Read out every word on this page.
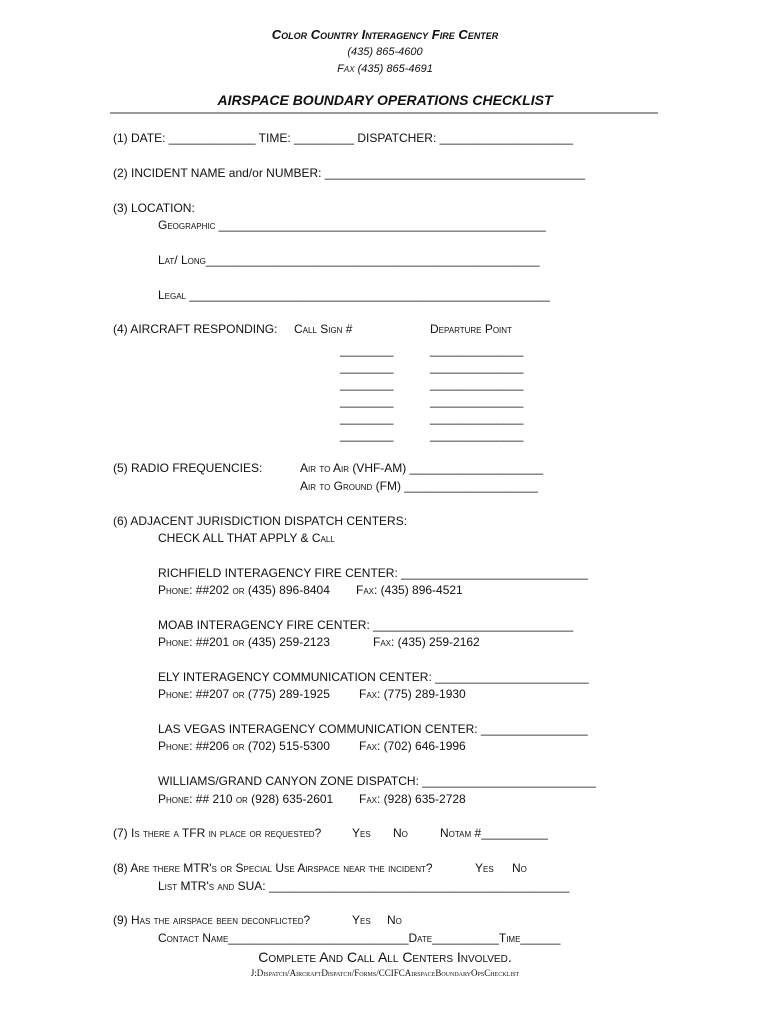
Color Country Interagency Fire Center
(435) 865-4600
Fax (435) 865-4691
AIRSPACE BOUNDARY OPERATIONS CHECKLIST
(1) DATE: _____________ TIME: _________ DISPATCHER: ____________________
(2) INCIDENT NAME and/or NUMBER: _______________________________________
(3) LOCATION:
Geographic _________________________________________________
Lat/ Long__________________________________________________
Legal ______________________________________________________
(4) AIRCRAFT RESPONDING: Call Sign #	Departure Point
________	______________
________	______________
________	______________
________	______________
________	______________
________	______________
(5) RADIO FREQUENCIES:	Air to Air (VHF-AM) ____________________
Air to Ground (FM) ____________________
(6) ADJACENT JURISDICTION DISPATCH CENTERS:
CHECK ALL THAT APPLY & Call
RICHFIELD INTERAGENCY FIRE CENTER: ____________________________
Phone: ##202 or (435) 896-8404 Fax: (435) 896-4521
MOAB INTERAGENCY FIRE CENTER: ______________________________
Phone: ##201 or (435) 259-2123	Fax: (435) 259-2162
ELY INTERAGENCY COMMUNICATION CENTER: _______________________
Phone: ##207 or (775) 289-1925 Fax: (775) 289-1930
LAS VEGAS INTERAGENCY COMMUNICATION CENTER: ________________
Phone: ##206 or (702) 515-5300 Fax: (702) 646-1996
WILLIAMS/GRAND CANYON ZONE DISPATCH: __________________________
Phone: ## 210 or (928) 635-2601 Fax: (928) 635-2728
(7) Is there a TFR in place or requested?	Yes No	Notam #__________
(8) Are there MTR's or Special Use Airspace near the incident?	Yes No
List MTR's and SUA: _____________________________________________
(9) Has the airspace been deconflicted?	Yes No
Contact Name___________________________Date__________Time______
Complete And Call All Centers Involved.
J:Dispatch/AircraftDispatch/Forms/CCIFCAirspaceBoundaryOpsChecklist
